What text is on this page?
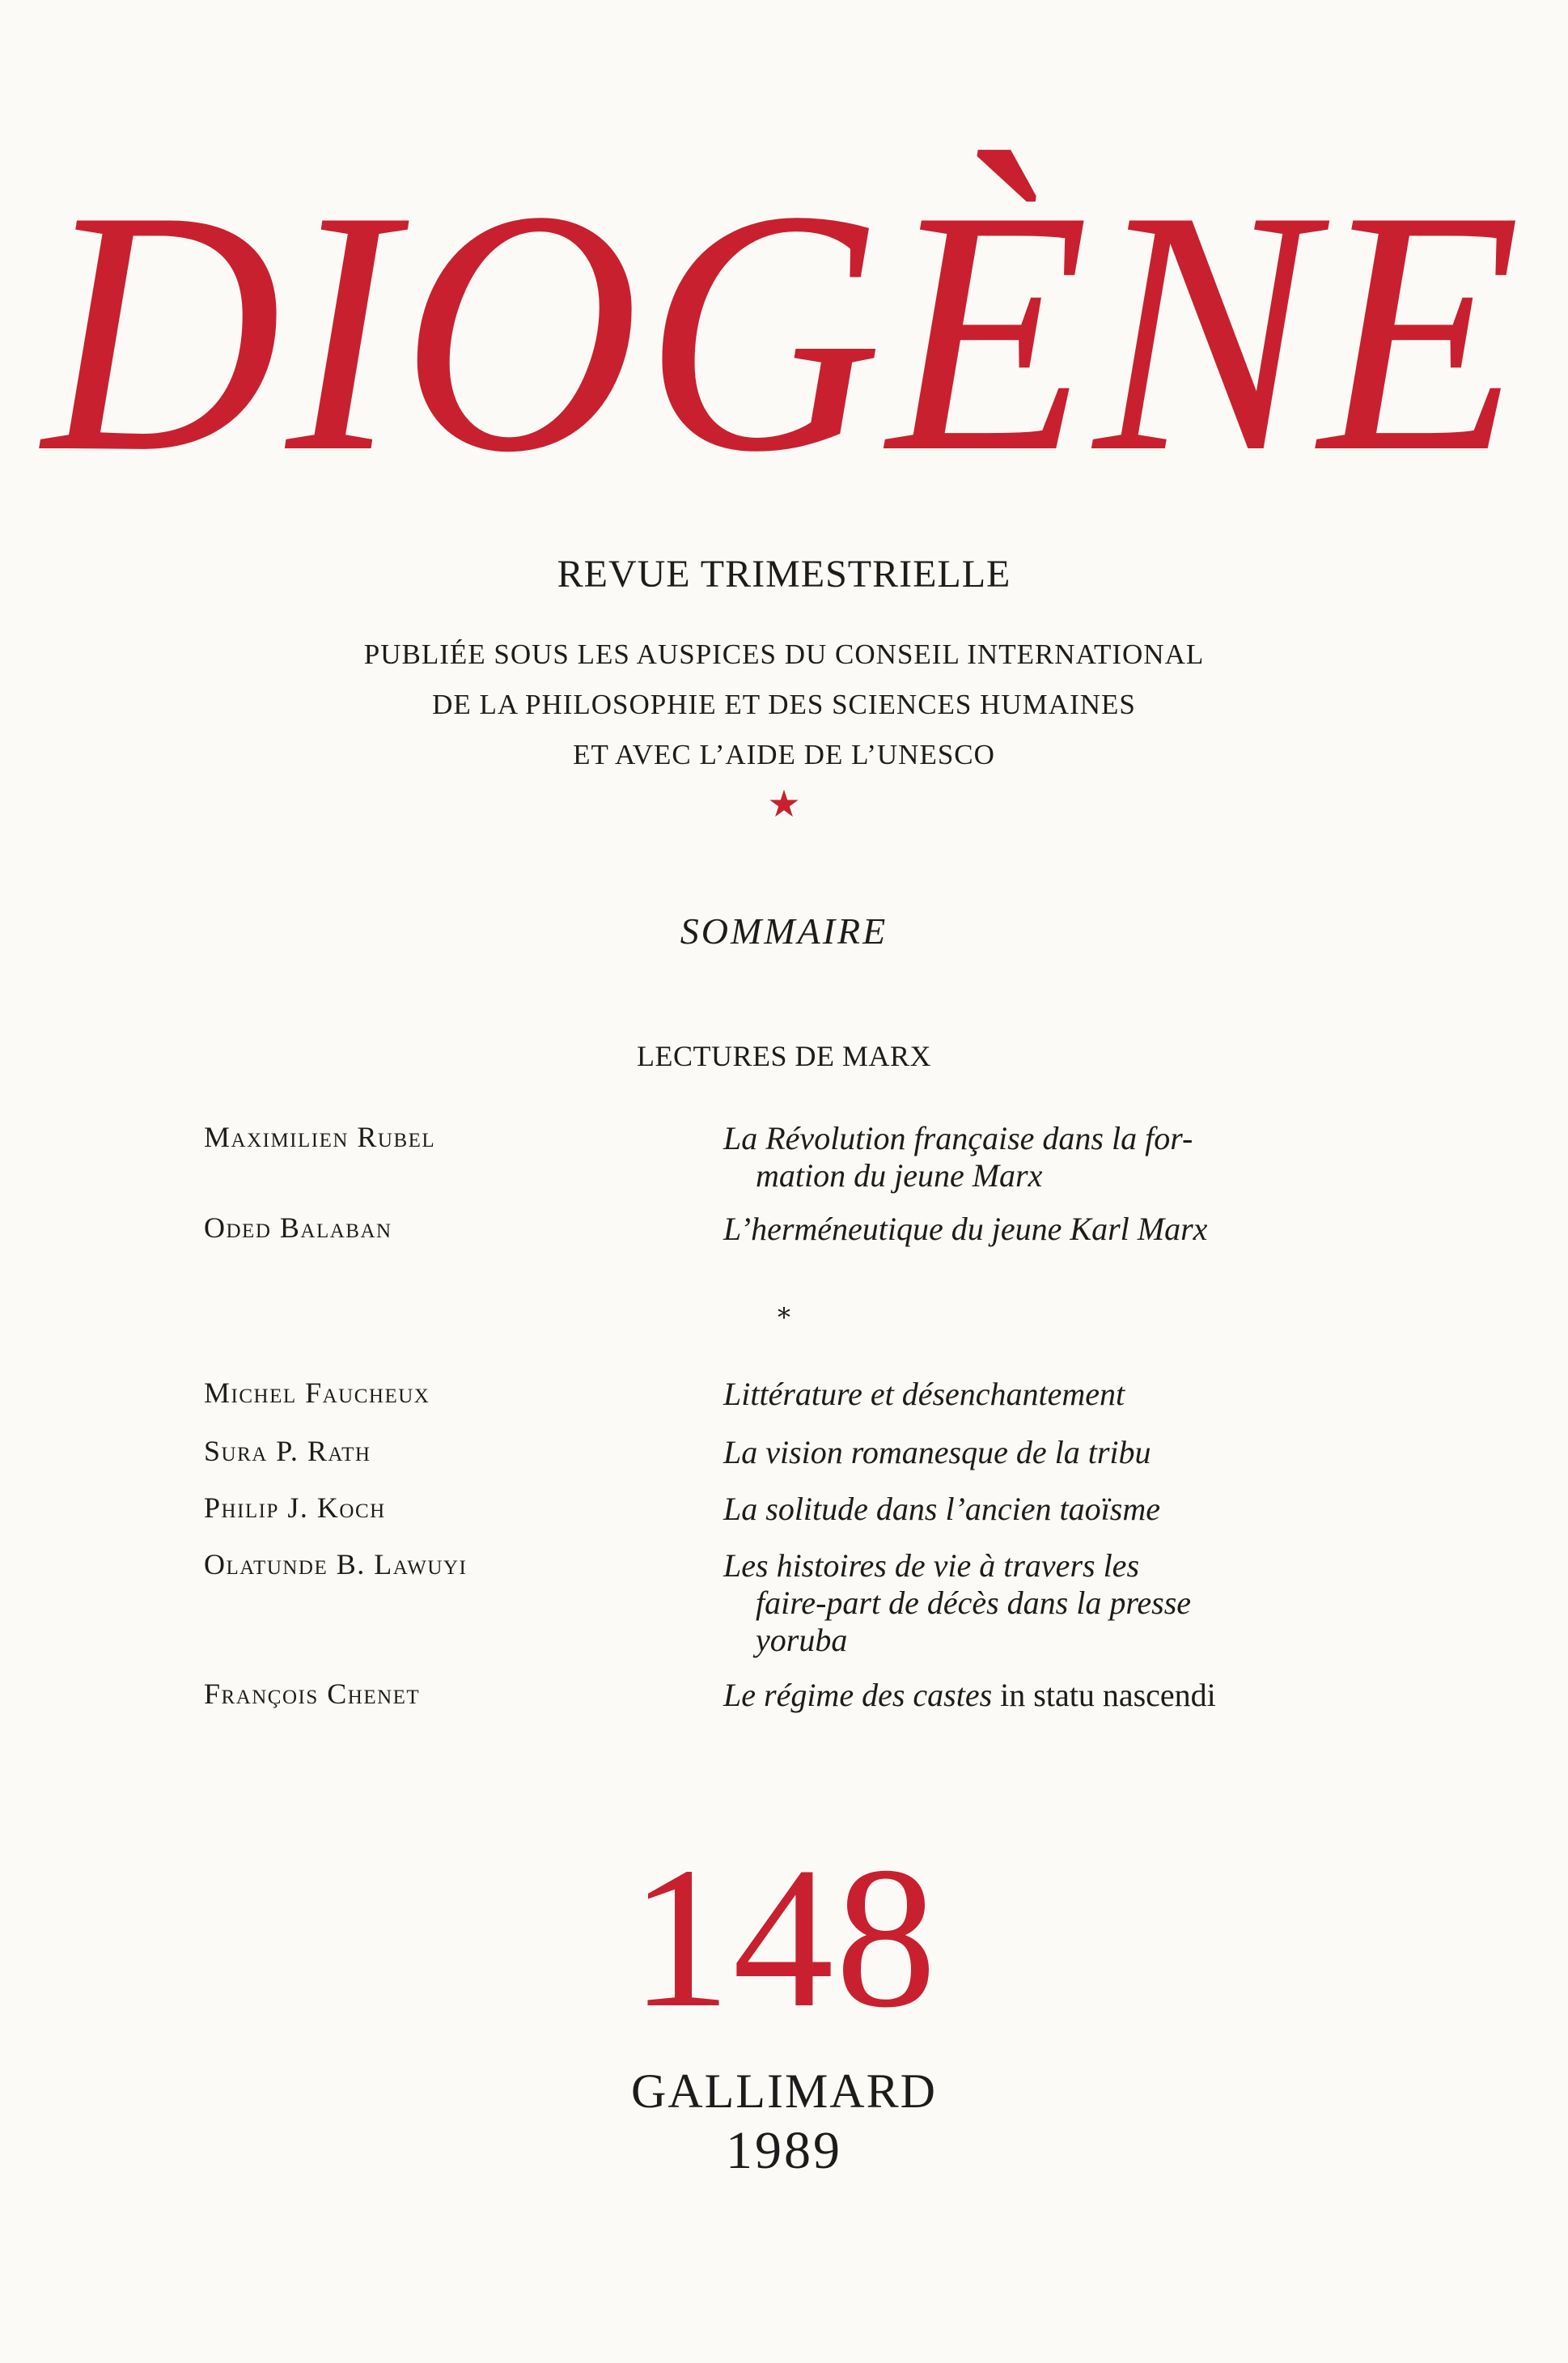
DIOGÈNE
REVUE TRIMESTRIELLE
PUBLIÉE SOUS LES AUSPICES DU CONSEIL INTERNATIONAL
DE LA PHILOSOPHIE ET DES SCIENCES HUMAINES
ET AVEC L’AIDE DE L’UNESCO
★
SOMMAIRE
LECTURES DE MARX
Maximilien Rubel	La Révolution française dans la for-
mation du jeune Marx
Oded Balaban	L’herméneutique du jeune Karl Marx
*
Michel Faucheux	Littérature et désenchantement
Sura P. Rath	La vision romanesque de la tribu
Philip J. Koch	La solitude dans l’ancien taoïsme
Olatunde B. Lawuyi	Les histoires de vie à travers les
faire-part de décès dans la presse
yoruba
François Chenet	Le régime des castes in statu nascendi
148
GALLIMARD
1989
